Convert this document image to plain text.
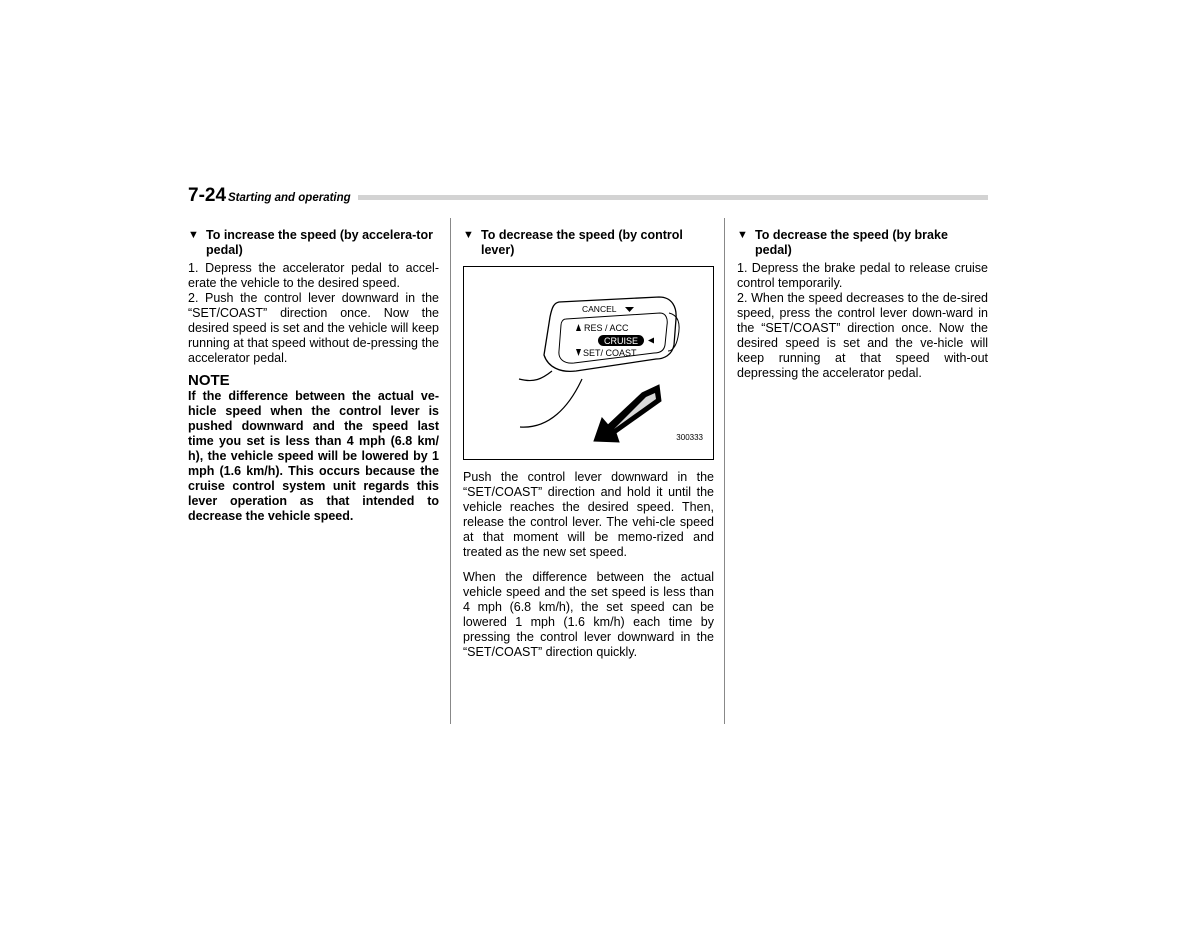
7-24 Starting and operating
▼ To increase the speed (by accelera-tor pedal)

1. Depress the accelerator pedal to accel-erate the vehicle to the desired speed.

2. Push the control lever downward in the “SET/COAST” direction once. Now the desired speed is set and the vehicle will keep running at that speed without de-pressing the accelerator pedal.

NOTE
If the difference between the actual ve-hicle speed when the control lever is pushed downward and the speed last time you set is less than 4 mph (6.8 km/ h), the vehicle speed will be lowered by 1 mph (1.6 km/h). This occurs because the cruise control system unit regards this lever operation as that intended to decrease the vehicle speed.
▼ To decrease the speed (by control lever)
CANCEL
RES / ACC
CRUISE
SET/ COAST
300333

Push the control lever downward in the “SET/COAST” direction and hold it until the vehicle reaches the desired speed. Then, release the control lever. The vehi-cle speed at that moment will be memo-rized and treated as the new set speed.

When the difference between the actual vehicle speed and the set speed is less than 4 mph (6.8 km/h), the set speed can be lowered 1 mph (1.6 km/h) each time by pressing the control lever downward in the “SET/COAST” direction quickly.

▼ To decrease the speed (by brake pedal)

1. Depress the brake pedal to release cruise control temporarily.

2. When the speed decreases to the de-sired speed, press the control lever down-ward in the “SET/COAST” direction once. Now the desired speed is set and the ve-hicle will keep running at that speed with-out depressing the accelerator pedal.
